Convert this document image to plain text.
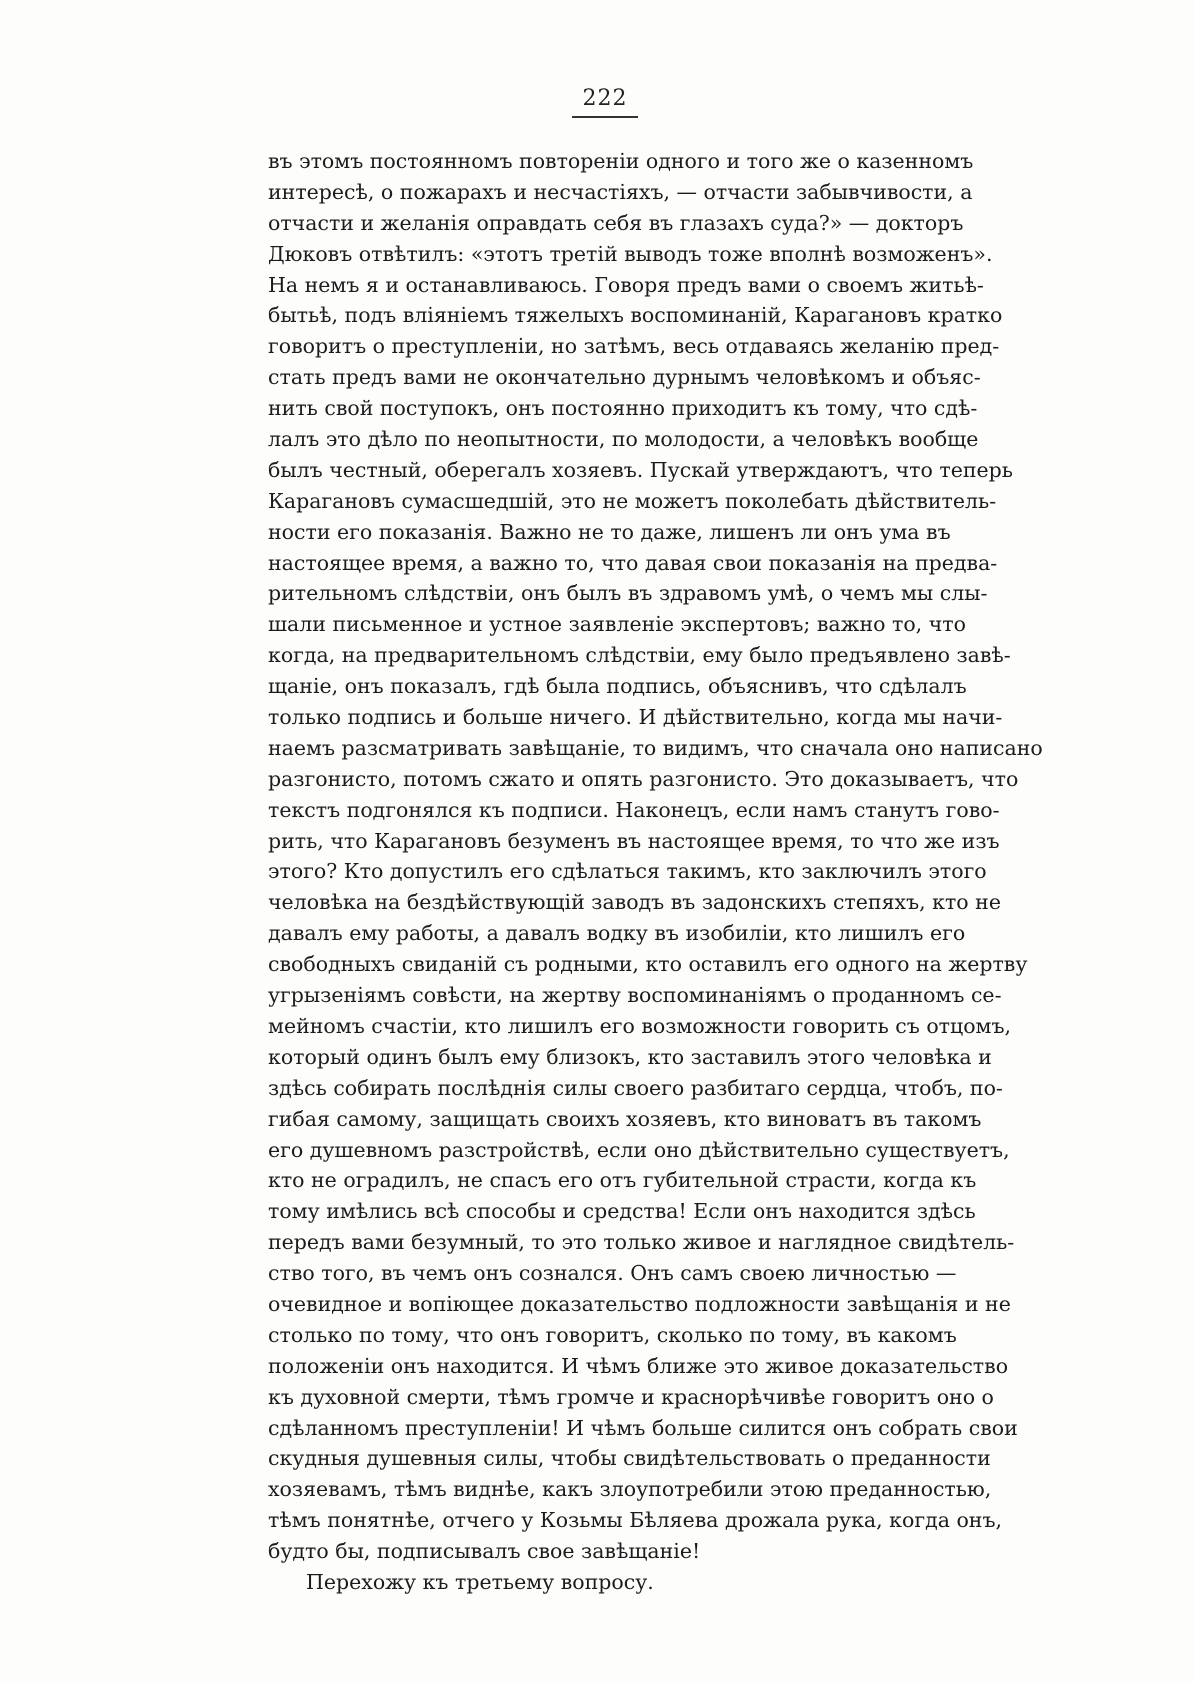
222
въ этомъ постоянномъ повтореніи одного и того же о казенномъ
интересѣ, о пожарахъ и несчастіяхъ, — отчасти забывчивости, а
отчасти и желанія оправдать себя въ глазахъ суда?» — докторъ
Дюковъ отвѣтилъ: «этотъ третій выводъ тоже вполнѣ возможенъ».
На немъ я и останавливаюсь. Говоря предъ вами о своемъ житьѣ-
бытьѣ, подъ вліяніемъ тяжелыхъ воспоминаній, Карагановъ кратко
говоритъ о преступленіи, но затѣмъ, весь отдаваясь желанію пред-
стать предъ вами не окончательно дурнымъ человѣкомъ и объяс-
нить свой поступокъ, онъ постоянно приходитъ къ тому, что сдѣ-
лалъ это дѣло по неопытности, по молодости, а человѣкъ вообще
былъ честный, оберегалъ хозяевъ. Пускай утверждаютъ, что теперь
Карагановъ сумасшедшій, это не можетъ поколебать дѣйствитель-
ности его показанія. Важно не то даже, лишенъ ли онъ ума въ
настоящее время, а важно то, что давая свои показанія на предва-
рительномъ слѣдствіи, онъ былъ въ здравомъ умѣ, о чемъ мы слы-
шали письменное и устное заявленіе экспертовъ; важно то, что
когда, на предварительномъ слѣдствіи, ему было предъявлено завѣ-
щаніе, онъ показалъ, гдѣ была подпись, объяснивъ, что сдѣлалъ
только подпись и больше ничего. И дѣйствительно, когда мы начи-
наемъ разсматривать завѣщаніе, то видимъ, что сначала оно написано
разгонисто, потомъ сжато и опять разгонисто. Это доказываетъ, что
текстъ подгонялся къ подписи. Наконецъ, если намъ станутъ гово-
рить, что Карагановъ безуменъ въ настоящее время, то что же изъ
этого? Кто допустилъ его сдѣлаться такимъ, кто заключилъ этого
человѣка на бездѣйствующій заводъ въ задонскихъ степяхъ, кто не
давалъ ему работы, а давалъ водку въ изобиліи, кто лишилъ его
свободныхъ свиданій съ родными, кто оставилъ его одного на жертву
угрызеніямъ совѣсти, на жертву воспоминаніямъ о проданномъ се-
мейномъ счастіи, кто лишилъ его возможности говорить съ отцомъ,
который одинъ былъ ему близокъ, кто заставилъ этого человѣка и
здѣсь собирать послѣднія силы своего разбитаго сердца, чтобъ, по-
гибая самому, защищать своихъ хозяевъ, кто виноватъ въ такомъ
его душевномъ разстройствѣ, если оно дѣйствительно существуетъ,
кто не оградилъ, не спасъ его отъ губительной страсти, когда къ
тому имѣлись всѣ способы и средства! Если онъ находится здѣсь
передъ вами безумный, то это только живое и наглядное свидѣтель-
ство того, въ чемъ онъ сознался. Онъ самъ своею личностью —
очевидное и вопіющее доказательство подложности завѣщанія и не
столько по тому, что онъ говоритъ, сколько по тому, въ какомъ
положеніи онъ находится. И чѣмъ ближе это живое доказательство
къ духовной смерти, тѣмъ громче и краснорѣчивѣе говоритъ оно о
сдѣланномъ преступленіи! И чѣмъ больше силится онъ собрать свои
скудныя душевныя силы, чтобы свидѣтельствовать о преданности
хозяевамъ, тѣмъ виднѣе, какъ злоупотребили этою преданностью,
тѣмъ понятнѣе, отчего у Козьмы Бѣляева дрожала рука, когда онъ,
будто бы, подписывалъ свое завѣщаніе!
Перехожу къ третьему вопросу.
